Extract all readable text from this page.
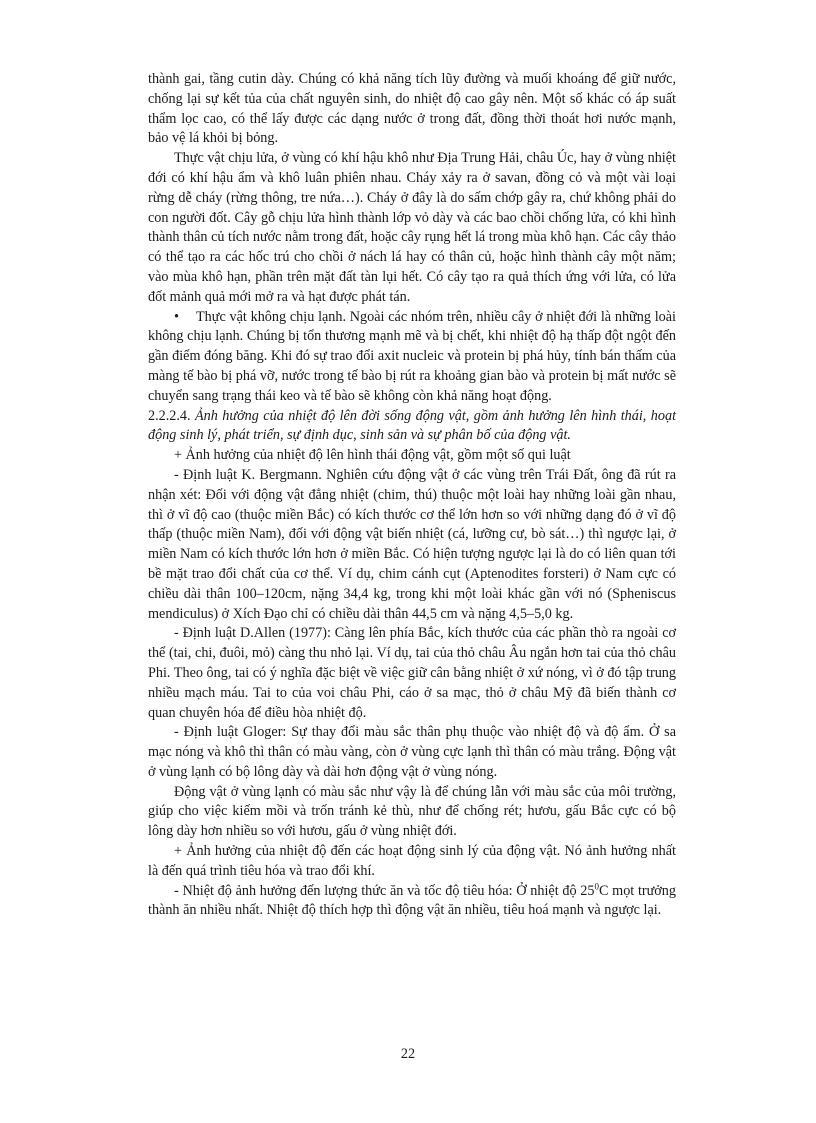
thành gai, tầng cutin dày. Chúng có khả năng tích lũy đường và muối khoáng để giữ nước, chống lại sự kết tủa của chất nguyên sinh, do nhiệt độ cao gây nên. Một số khác có áp suất thẩm lọc cao, có thể lấy được các dạng nước ở trong đất, đồng thời thoát hơi nước mạnh, bảo vệ lá khỏi bị bỏng.

Thực vật chịu lửa, ở vùng có khí hậu khô như Địa Trung Hải, châu Úc, hay ở vùng nhiệt đới có khí hậu ẩm và khô luân phiên nhau. Cháy xảy ra ở savan, đồng cỏ và một vài loại rừng dễ cháy (rừng thông, tre nứa…). Cháy ở đây là do sấm chớp gây ra, chứ không phải do con người đốt. Cây gỗ chịu lửa hình thành lớp vỏ dày và các bao chồi chống lửa, có khi hình thành thân củ tích nước nằm trong đất, hoặc cây rụng hết lá trong mùa khô hạn. Các cây thảo có thể tạo ra các hốc trú cho chồi ở nách lá hay có thân củ, hoặc hình thành cây một năm; vào mùa khô hạn, phần trên mặt đất tàn lụi hết. Có cây tạo ra quả thích ứng với lửa, có lửa đốt mảnh quả mới mở ra và hạt được phát tán.

• Thực vật không chịu lạnh. Ngoài các nhóm trên, nhiều cây ở nhiệt đới là những loài không chịu lạnh. Chúng bị tổn thương mạnh mẽ và bị chết, khi nhiệt độ hạ thấp đột ngột đến gần điểm đóng băng. Khi đó sự trao đổi axit nucleic và protein bị phá hủy, tính bán thấm của màng tế bào bị phá vỡ, nước trong tế bào bị rút ra khoảng gian bào và protein bị mất nước sẽ chuyển sang trạng thái keo và tế bào sẽ không còn khả năng hoạt động.

2.2.2.4. Ảnh hưởng của nhiệt độ lên đời sống động vật, gồm ảnh hưởng lên hình thái, hoạt động sinh lý, phát triển, sự định dục, sinh sản và sự phân bố của động vật.

+ Ảnh hưởng của nhiệt độ lên hình thái động vật, gồm một số qui luật

- Định luật K. Bergmann. Nghiên cứu động vật ở các vùng trên Trái Đất, ông đã rút ra nhận xét: Đối với động vật đẳng nhiệt (chim, thú) thuộc một loài hay những loài gần nhau, thì ở vĩ độ cao (thuộc miền Bắc) có kích thước cơ thể lớn hơn so với những dạng đó ở vĩ độ thấp (thuộc miền Nam), đối với động vật biến nhiệt (cá, lưỡng cư, bò sát…) thì ngược lại, ở miền Nam có kích thước lớn hơn ở miền Bắc. Có hiện tượng ngược lại là do có liên quan tới bề mặt trao đổi chất của cơ thể. Ví dụ, chim cánh cụt (Aptenodites forsteri) ở Nam cực có chiều dài thân 100–120cm, nặng 34,4 kg, trong khi một loài khác gần với nó (Spheniscus mendiculus) ở Xích Đạo chỉ có chiều dài thân 44,5 cm và nặng 4,5–5,0 kg.

- Định luật D.Allen (1977): Càng lên phía Bắc, kích thước của các phần thò ra ngoài cơ thể (tai, chi, đuôi, mỏ) càng thu nhỏ lại. Ví dụ, tai của thỏ châu Âu ngắn hơn tai của thỏ châu Phi. Theo ông, tai có ý nghĩa đặc biệt về việc giữ cân bằng nhiệt ở xứ nóng, vì ở đó tập trung nhiều mạch máu. Tai to của voi châu Phi, cáo ở sa mạc, thỏ ở châu Mỹ đã biến thành cơ quan chuyên hóa để điều hòa nhiệt độ.

- Định luật Gloger: Sự thay đổi màu sắc thân phụ thuộc vào nhiệt độ và độ ẩm. Ở sa mạc nóng và khô thì thân có màu vàng, còn ở vùng cực lạnh thì thân có màu trắng. Động vật ở vùng lạnh có bộ lông dày và dài hơn động vật ở vùng nóng.

Động vật ở vùng lạnh có màu sắc như vậy là để chúng lẫn với màu sắc của môi trường, giúp cho việc kiếm mồi và trốn tránh kẻ thù, như để chống rét; hươu, gấu Bắc cực có bộ lông dày hơn nhiều so với hươu, gấu ở vùng nhiệt đới.

+ Ảnh hưởng của nhiệt độ đến các hoạt động sinh lý của động vật. Nó ảnh hưởng nhất là đến quá trình tiêu hóa và trao đổi khí.

- Nhiệt độ ảnh hưởng đến lượng thức ăn và tốc độ tiêu hóa: Ở nhiệt độ $25^0C$ mọt trưởng thành ăn nhiều nhất. Nhiệt độ thích hợp thì động vật ăn nhiều, tiêu hoá mạnh và ngược lại.

22
